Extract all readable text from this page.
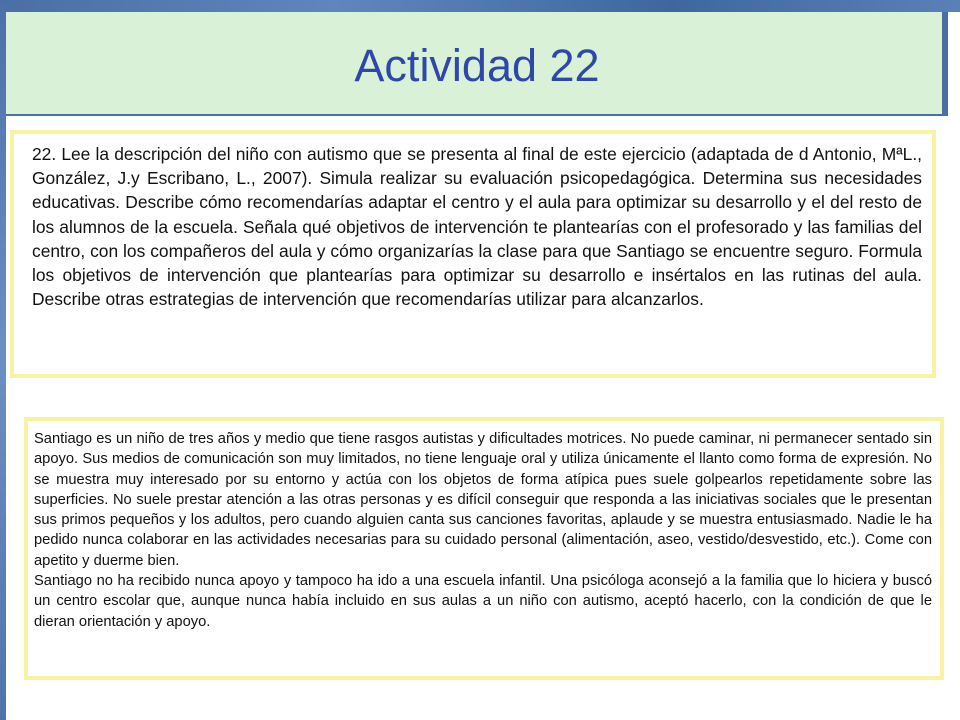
Actividad 22

22. Lee la descripción del niño con autismo que se presenta al final de este ejercicio (adaptada de d Antonio, MªL., González, J.y Escribano, L., 2007). Simula realizar su evaluación psicopedagógica. Determina sus necesidades educativas. Describe cómo recomendarías adaptar el centro y el aula para optimizar su desarrollo y el del resto de los alumnos de la escuela. Señala qué objetivos de intervención te plantearías con el profesorado y las familias del centro, con los compañeros del aula y cómo organizarías la clase para que Santiago se encuentre seguro. Formula los objetivos de intervención que plantearías para optimizar su desarrollo e insértalos en las rutinas del aula. Describe otras estrategias de intervención que recomendarías utilizar para alcanzarlos.

Santiago es un niño de tres años y medio que tiene rasgos autistas y dificultades motrices. No puede caminar, ni permanecer sentado sin apoyo. Sus medios de comunicación son muy limitados, no tiene lenguaje oral y utiliza únicamente el llanto como forma de expresión. No se muestra muy interesado por su entorno y actúa con los objetos de forma atípica pues suele golpearlos repetidamente sobre las superficies. No suele prestar atención a las otras personas y es difícil conseguir que responda a las iniciativas sociales que le presentan sus primos pequeños y los adultos, pero cuando alguien canta sus canciones favoritas, aplaude y se muestra entusiasmado. Nadie le ha pedido nunca colaborar en las actividades necesarias para su cuidado personal (alimentación, aseo, vestido/desvestido, etc.). Come con apetito y duerme bien.

Santiago no ha recibido nunca apoyo y tampoco ha ido a una escuela infantil. Una psicóloga aconsejó a la familia que lo hiciera y buscó un centro escolar que, aunque nunca había incluido en sus aulas a un niño con autismo, aceptó hacerlo, con la condición de que le dieran orientación y apoyo.
